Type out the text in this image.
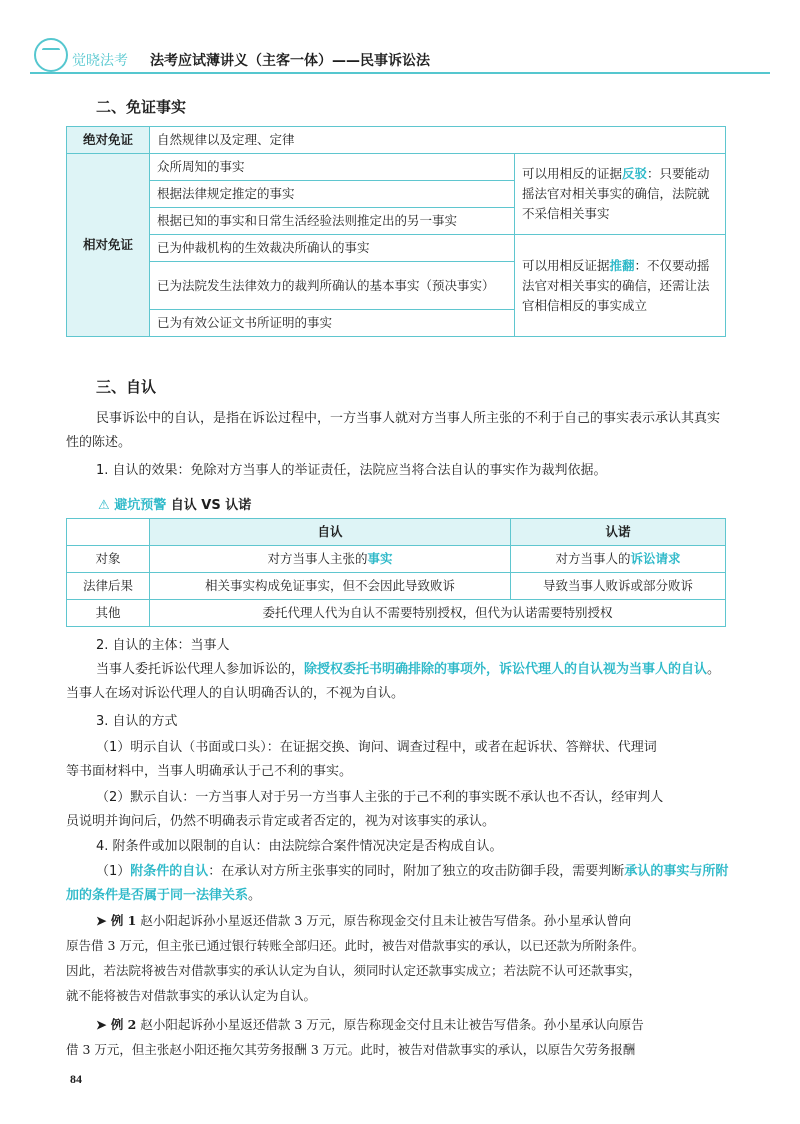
觉晓法考 法考应试薄讲义（主客一体）——民事诉讼法
二、免证事实
绝对免证	自然规律以及定理、定律	
相对免证	众所周知的事实	可以用相反的证据反驳：只要能动摇法官对相关事实的确信，法院就不采信相关事实
	根据法律规定推定的事实	
	根据已知的事实和日常生活经验法则推定出的另一事实	
	已为仲裁机构的生效裁决所确认的事实	可以用相反证据推翻：不仅要动摇法官对相关事实的确信，还需让法官相信相反的事实成立
	已为法院发生法律效力的裁判所确认的基本事实（预决事实）	
	已为有效公证文书所证明的事实	
三、自认
民事诉讼中的自认，是指在诉讼过程中，一方当事人就对方当事人所主张的不利于自己的事实表示承认其真实性的陈述。
1. 自认的效果：免除对方当事人的举证责任，法院应当将合法自认的事实作为裁判依据。
⚠ 避坑预警 自认 VS 认诺
	自认	认诺
对象	对方当事人主张的事实	对方当事人的诉讼请求
法律后果	相关事实构成免证事实，但不会因此导致败诉	导致当事人败诉或部分败诉
其他	委托代理人代为自认不需要特别授权，但代为认诺需要特别授权	
2. 自认的主体：当事人
当事人委托诉讼代理人参加诉讼的，除授权委托书明确排除的事项外，诉讼代理人的自认视为当事人的自认。当事人在场对诉讼代理人的自认明确否认的，不视为自认。
3. 自认的方式
（1）明示自认（书面或口头）：在证据交换、询问、调查过程中，或者在起诉状、答辩状、代理词
等书面材料中，当事人明确承认于己不利的事实。
（2）默示自认：一方当事人对于另一方当事人主张的于己不利的事实既不承认也不否认，经审判人
员说明并询问后，仍然不明确表示肯定或者否定的，视为对该事实的承认。
4. 附条件或加以限制的自认：由法院综合案件情况决定是否构成自认。
（1）附条件的自认：在承认对方所主张事实的同时，附加了独立的攻击防御手段，需要判断承认的事实与所附加的条件是否属于同一法律关系。
➤ 例 1 赵小阳起诉孙小星返还借款 3 万元，原告称现金交付且未让被告写借条。孙小星承认曾向
原告借 3 万元，但主张已通过银行转账全部归还。此时，被告对借款事实的承认，以已还款为所附条件。
因此，若法院将被告对借款事实的承认认定为自认，须同时认定还款事实成立；若法院不认可还款事实，
就不能将被告对借款事实的承认认定为自认。
➤ 例 2 赵小阳起诉孙小星返还借款 3 万元，原告称现金交付且未让被告写借条。孙小星承认向原告
借 3 万元，但主张赵小阳还拖欠其劳务报酬 3 万元。此时，被告对借款事实的承认，以原告欠劳务报酬
84
